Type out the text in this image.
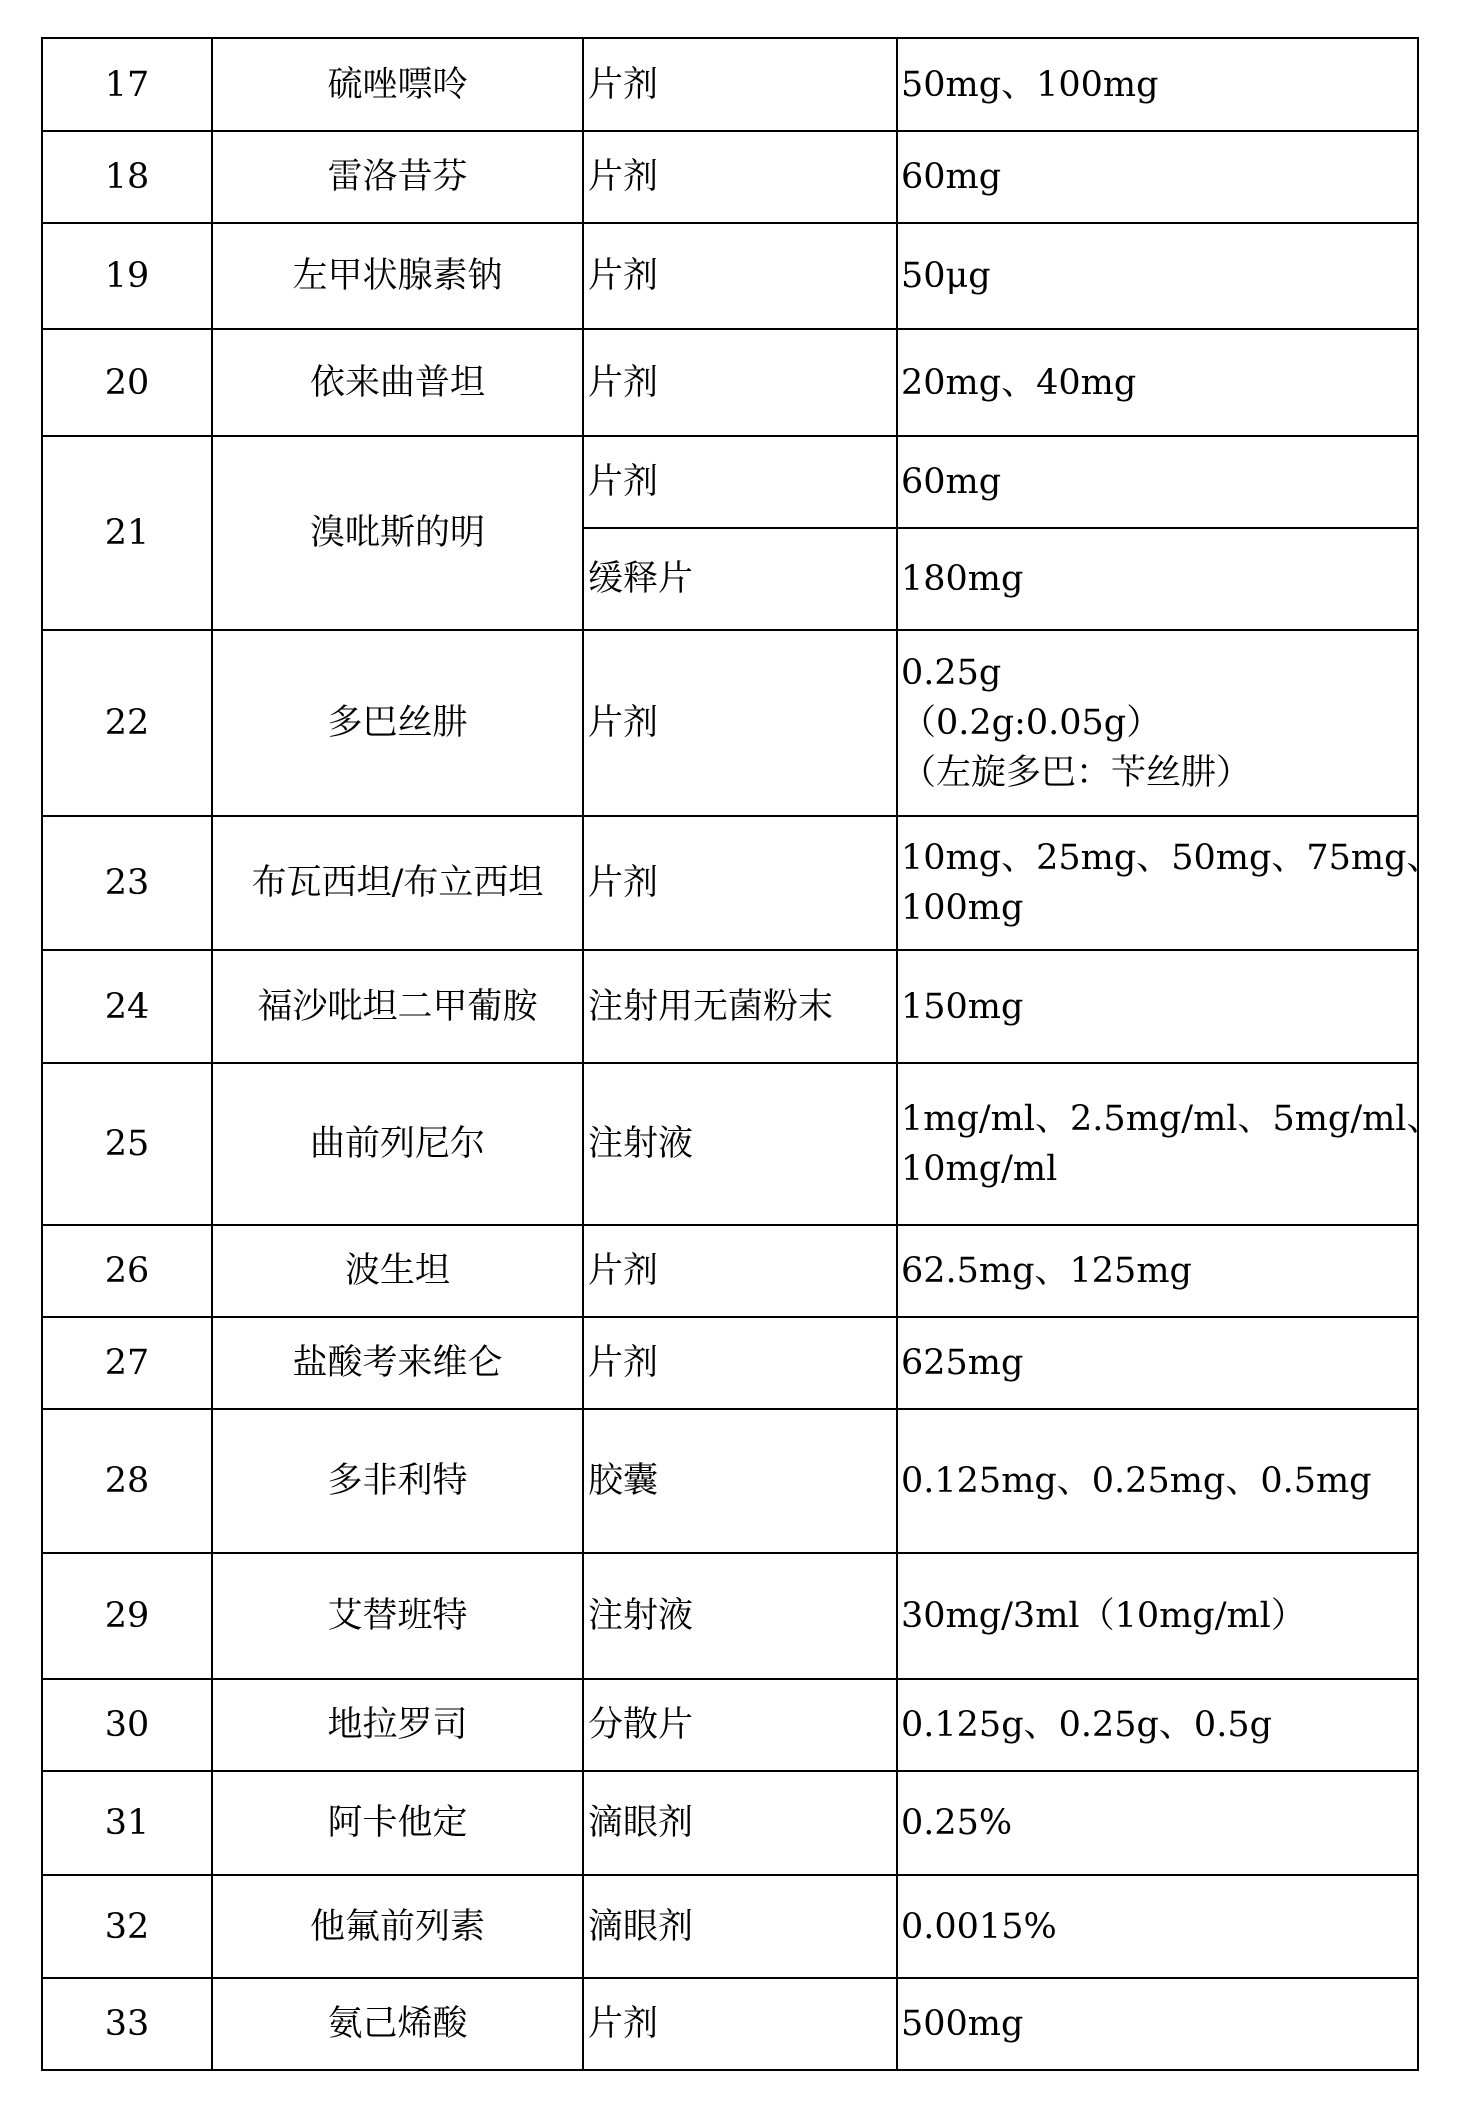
17	硫唑嘌呤	片剂	50mg、100mg

18	雷洛昔芬	片剂	60mg

19	左甲状腺素钠	片剂	50μg

20	依来曲普坦	片剂	20mg、40mg

21	溴吡斯的明	片剂	60mg

		缓释片	180mg

22	多巴丝肼	片剂	0.25g
（0.2g:0.05g）
（左旋多巴：苄丝肼）

23	布瓦西坦/布立西坦	片剂	10mg、25mg、50mg、75mg、
100mg

24	福沙吡坦二甲葡胺	注射用无菌粉末	150mg

25	曲前列尼尔	注射液	1mg/ml、2.5mg/ml、5mg/ml、
10mg/ml

26	波生坦	片剂	62.5mg、125mg

27	盐酸考来维仑	片剂	625mg

28	多非利特	胶囊	0.125mg、0.25mg、0.5mg

29	艾替班特	注射液	30mg/3ml（10mg/ml）

30	地拉罗司	分散片	0.125g、0.25g、0.5g

31	阿卡他定	滴眼剂	0.25%

32	他氟前列素	滴眼剂	0.0015%

33	氨己烯酸	片剂	500mg
